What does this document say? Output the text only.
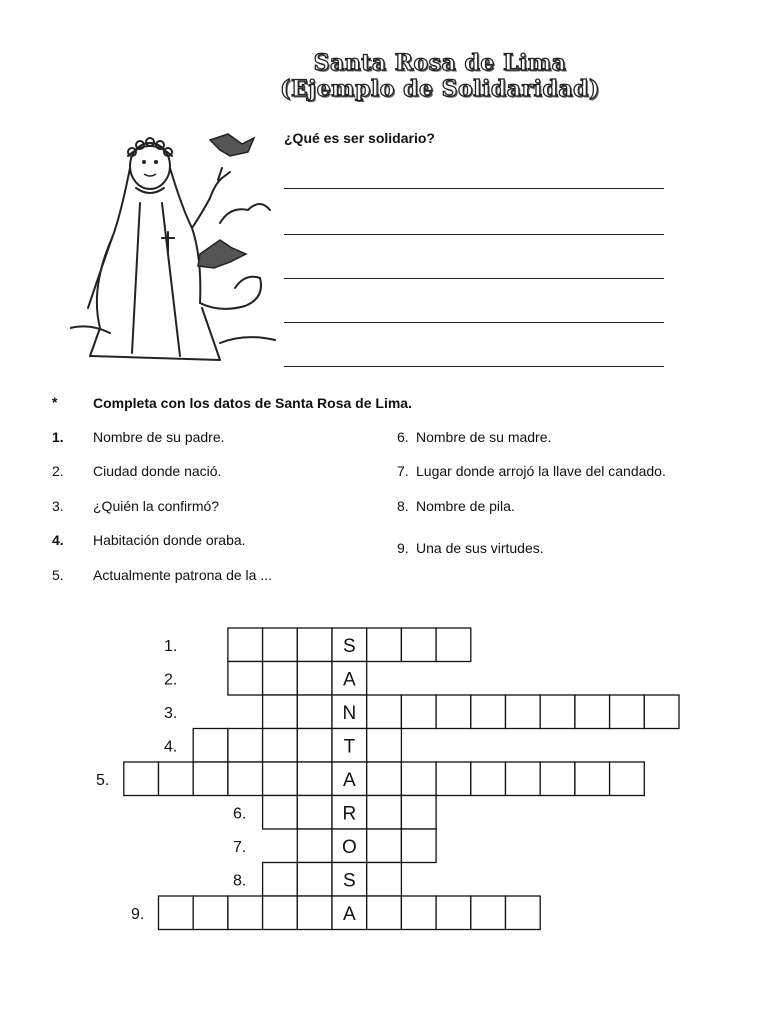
Santa Rosa de Lima
(Ejemplo de Solidaridad)
¿Qué es ser solidario?
*	Completa con los datos de Santa Rosa de Lima.
1. Nombre de su padre.
2. Ciudad donde nació.
3. ¿Quién la confirmó?
4. Habitación donde oraba.
5. Actualmente patrona de la ...
6. Nombre de su madre.
7. Lugar donde arrojó la llave del candado.
8. Nombre de pila.
9. Una de sus virtudes.
S
1.
A
2.
N
3.
T
4.
A
5.
R
6.
O
7.
S
8.
A
9.
